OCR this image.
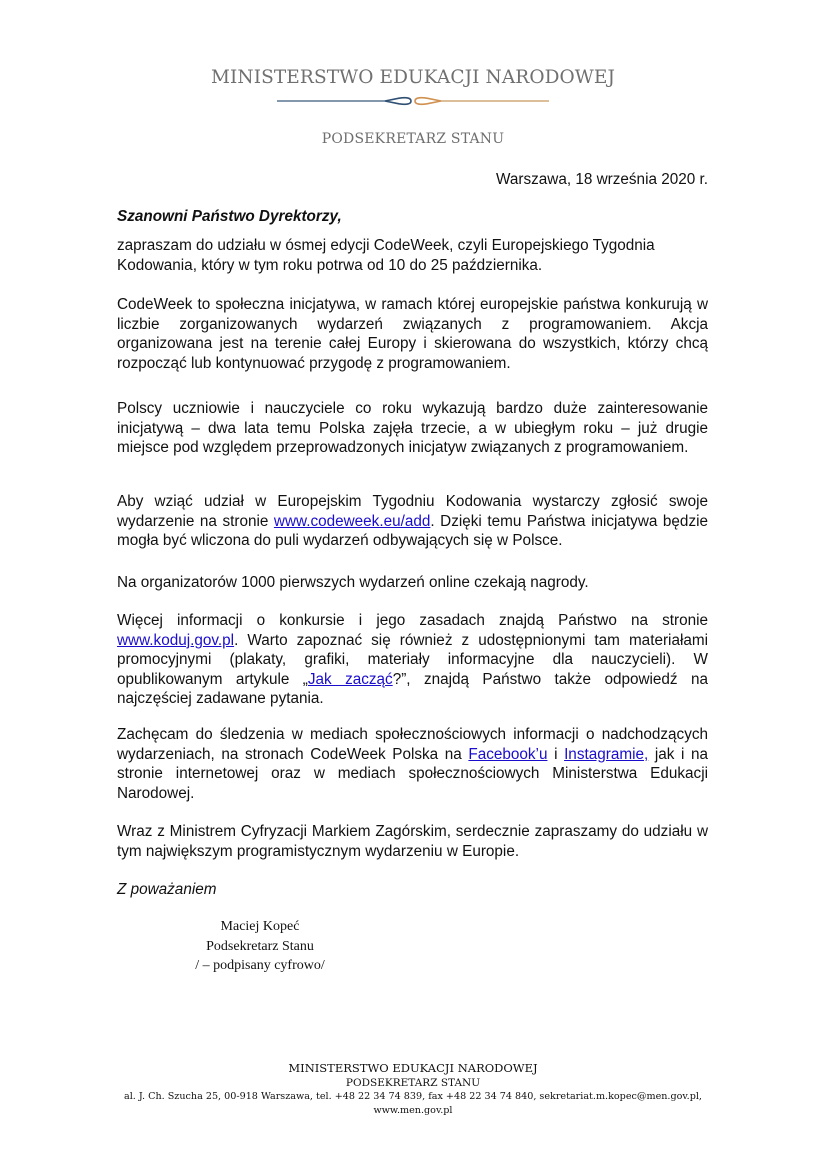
MINISTERSTWO EDUKACJI NARODOWEJ
PODSEKRETARZ STANU
Warszawa, 18 września 2020 r.
Szanowni Państwo Dyrektorzy,

zapraszam do udziału w ósmej edycji CodeWeek, czyli Europejskiego Tygodnia Kodowania, który w tym roku potrwa od 10 do 25 października.

CodeWeek to społeczna inicjatywa, w ramach której europejskie państwa konkurują w liczbie zorganizowanych wydarzeń związanych z programowaniem. Akcja organizowana jest na terenie całej Europy i skierowana do wszystkich, którzy chcą rozpocząć lub kontynuować przygodę z programowaniem.

Polscy uczniowie i nauczyciele co roku wykazują bardzo duże zainteresowanie inicjatywą – dwa lata temu Polska zajęła trzecie, a w ubiegłym roku – już drugie miejsce pod względem przeprowadzonych inicjatyw związanych z programowaniem.

Aby wziąć udział w Europejskim Tygodniu Kodowania wystarczy zgłosić swoje wydarzenie na stronie www.codeweek.eu/add. Dzięki temu Państwa inicjatywa będzie mogła być wliczona do puli wydarzeń odbywających się w Polsce.

Na organizatorów 1000 pierwszych wydarzeń online czekają nagrody.

Więcej informacji o konkursie i jego zasadach znajdą Państwo na stronie www.koduj.gov.pl. Warto zapoznać się również z udostępnionymi tam materiałami promocyjnymi (plakaty, grafiki, materiały informacyjne dla nauczycieli). W opublikowanym artykule „Jak zacząć?”, znajdą Państwo także odpowiedź na najczęściej zadawane pytania.

Zachęcam do śledzenia w mediach społecznościowych informacji o nadchodzących wydarzeniach, na stronach CodeWeek Polska na Facebook’u i Instagramie, jak i na stronie internetowej oraz w mediach społecznościowych Ministerstwa Edukacji Narodowej.

Wraz z Ministrem Cyfryzacji Markiem Zagórskim, serdecznie zapraszamy do udziału w tym największym programistycznym wydarzeniu w Europie.

Z poważaniem
Maciej Kopeć
Podsekretarz Stanu
/ – podpisany cyfrowo/
MINISTERSTWO EDUKACJI NARODOWEJ
PODSEKRETARZ STANU
al. J. Ch. Szucha 25, 00-918 Warszawa, tel. +48 22 34 74 839, fax +48 22 34 74 840, sekretariat.m.kopec@men.gov.pl,
www.men.gov.pl
